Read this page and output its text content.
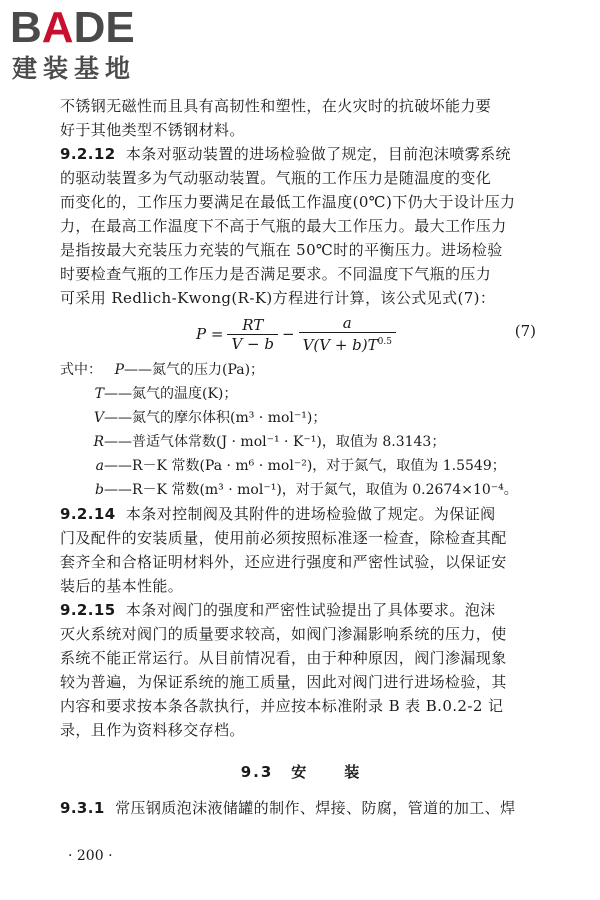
BADE
建装基地
不锈钢无磁性而且具有高韧性和塑性，在火灾时的抗破坏能力要
好于其他类型不锈钢材料。
9.2.12 本条对驱动装置的进场检验做了规定，目前泡沫喷雾系统
的驱动装置多为气动驱动装置。气瓶的工作压力是随温度的变化
而变化的，工作压力要满足在最低工作温度(0℃)下仍大于设计压力
力，在最高工作温度下不高于气瓶的最大工作压力。最大工作压力
是指按最大充装压力充装的气瓶在 50℃时的平衡压力。进场检验
时要检查气瓶的工作压力是否满足要求。不同温度下气瓶的压力
可采用 Redlich-Kwong(R-K)方程进行计算，该公式见式(7)：
$P = \frac{RT}{V - b} - \frac{a}{V(V + b)T^{0.5}}$	(7)
式中： P——氮气的压力(Pa)；
T——氮气的温度(K)；
V——氮气的摩尔体积(m³ · mol⁻¹)；
R——普适气体常数(J · mol⁻¹ · K⁻¹)，取值为 8.3143；
a——R－K 常数(Pa · m⁶ · mol⁻²)，对于氮气，取值为 1.5549；
b——R－K 常数(m³ · mol⁻¹)，对于氮气，取值为 0.2674×10⁻⁴。
9.2.14 本条对控制阀及其附件的进场检验做了规定。为保证阀
门及配件的安装质量，使用前必须按照标准逐一检查，除检查其配
套齐全和合格证明材料外，还应进行强度和严密性试验，以保证安
装后的基本性能。
9.2.15 本条对阀门的强度和严密性试验提出了具体要求。泡沫
灭火系统对阀门的质量要求较高，如阀门渗漏影响系统的压力，使
系统不能正常运行。从目前情况看，由于种种原因，阀门渗漏现象
较为普遍，为保证系统的施工质量，因此对阀门进行进场检验，其
内容和要求按本条各款执行，并应按本标准附录 B 表 B.0.2-2 记
录，且作为资料移交存档。
9.3 安 装
9.3.1 常压钢质泡沫液储罐的制作、焊接、防腐，管道的加工、焊
· 200 ·
